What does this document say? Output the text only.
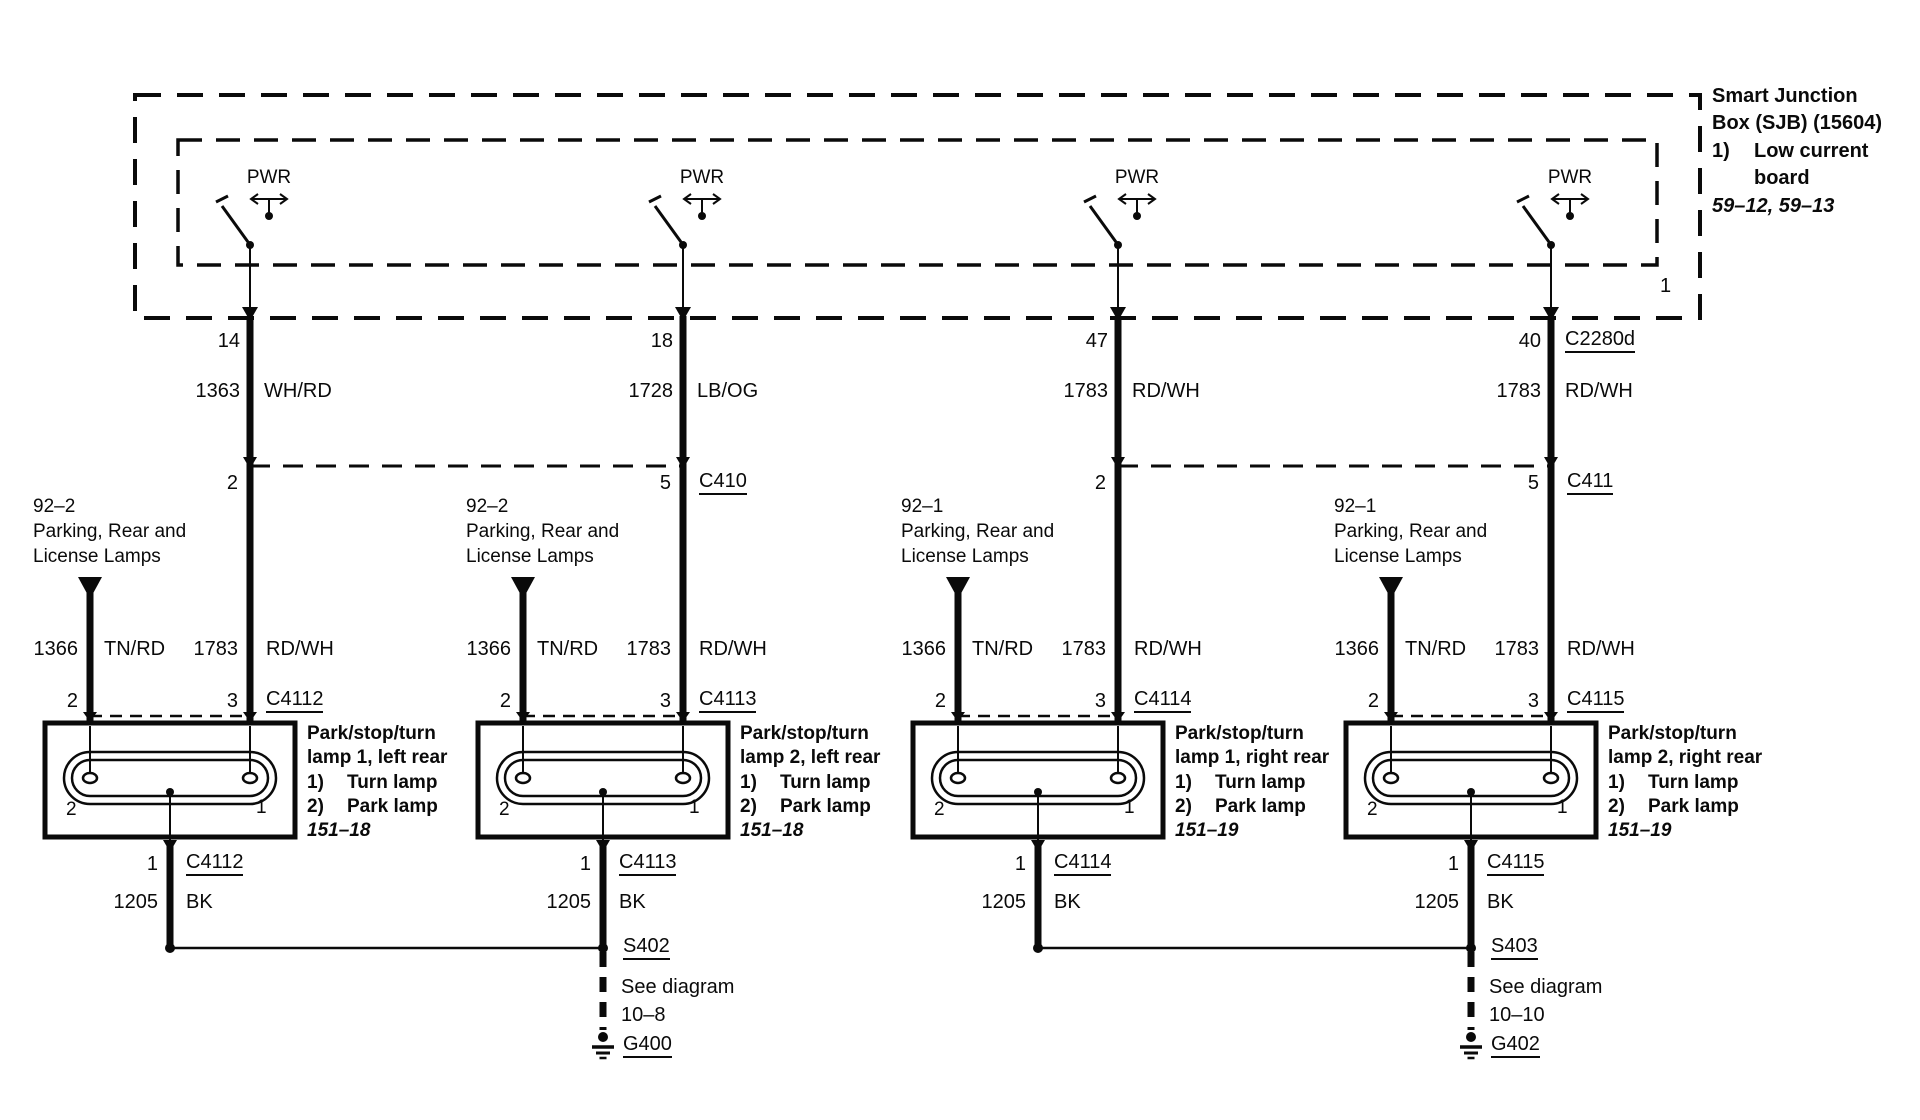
Smart Junction
Box (SJB) (15604)
1) Low current
board
59–12, 59–13
1
PWR
14
1363 WH/RD
2
92–2
Parking, Rear and
License Lamps
1366 TN/RD	1783 RD/WH
2	3 C4112
2	1
Park/stop/turn
lamp 1, left rear
1) Turn lamp
2) Park lamp
151–18
1 C4112
1205 BK
PWR
18
1728 LB/OG
5 C410
92–2
Parking, Rear and
License Lamps
1366 TN/RD	1783 RD/WH
2	3 C4113
2	1
Park/stop/turn
lamp 2, left rear
1) Turn lamp
2) Park lamp
151–18
1 C4113
1205 BK
S402
See diagram
10–8
G400
PWR
47
1783 RD/WH
2
92–1
Parking, Rear and
License Lamps
1366 TN/RD	1783 RD/WH
2	3 C4114
2	1
Park/stop/turn
lamp 1, right rear
1) Turn lamp
2) Park lamp
151–19
1 C4114
1205 BK
PWR
40 C2280d
1783 RD/WH
5 C411
92–1
Parking, Rear and
License Lamps
1366 TN/RD	1783 RD/WH
2	3 C4115
2	1
Park/stop/turn
lamp 2, right rear
1) Turn lamp
2) Park lamp
151–19
1 C4115
1205 BK
S403
See diagram
10–10
G402
